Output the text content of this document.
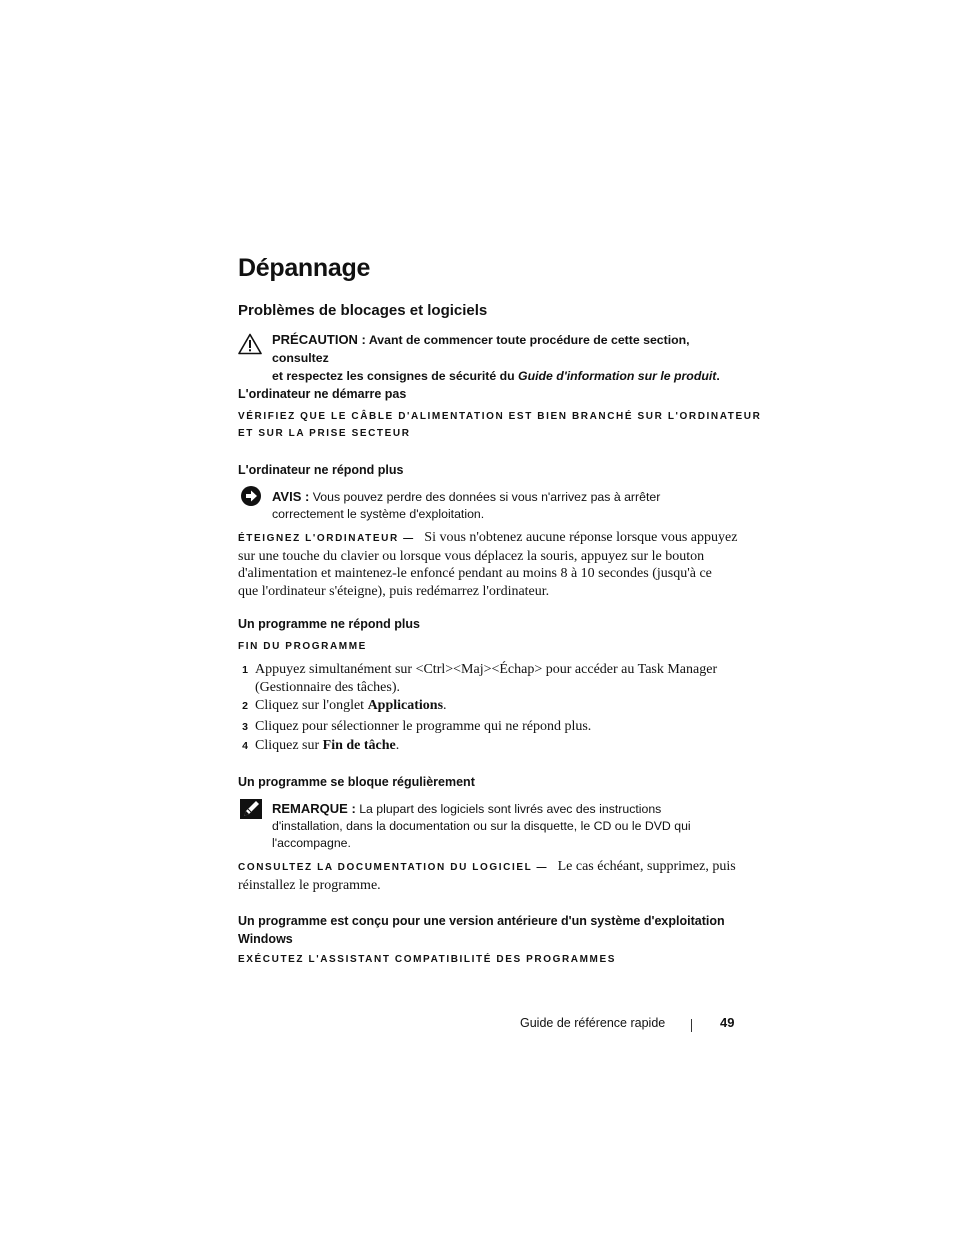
Dépannage
Problèmes de blocages et logiciels
PRÉCAUTION : Avant de commencer toute procédure de cette section, consultez
et respectez les consignes de sécurité du Guide d'information sur le produit.
L'ordinateur ne démarre pas
VÉRIFIEZ QUE LE CÂBLE D'ALIMENTATION EST BIEN BRANCHÉ SUR L'ORDINATEUR
ET SUR LA PRISE SECTEUR
L'ordinateur ne répond plus
AVIS : Vous pouvez perdre des données si vous n'arrivez pas à arrêter
correctement le système d'exploitation.
ÉTEIGNEZ L'ORDINATEUR — Si vous n'obtenez aucune réponse lorsque vous appuyez
sur une touche du clavier ou lorsque vous déplacez la souris, appuyez sur le bouton
d'alimentation et maintenez-le enfoncé pendant au moins 8 à 10 secondes (jusqu'à ce
que l'ordinateur s'éteigne), puis redémarrez l'ordinateur.
Un programme ne répond plus
FIN DU PROGRAMME
1 Appuyez simultanément sur <Ctrl><Maj><Échap> pour accéder au Task Manager
(Gestionnaire des tâches).
2 Cliquez sur l'onglet Applications.
3 Cliquez pour sélectionner le programme qui ne répond plus.
4 Cliquez sur Fin de tâche.
Un programme se bloque régulièrement
REMARQUE : La plupart des logiciels sont livrés avec des instructions
d'installation, dans la documentation ou sur la disquette, le CD ou le DVD qui
l'accompagne.
CONSULTEZ LA DOCUMENTATION DU LOGICIEL — Le cas échéant, supprimez, puis
réinstallez le programme.
Un programme est conçu pour une version antérieure d'un système d'exploitation
Windows
EXÉCUTEZ L'ASSISTANT COMPATIBILITÉ DES PROGRAMMES
Guide de référence rapide	49
